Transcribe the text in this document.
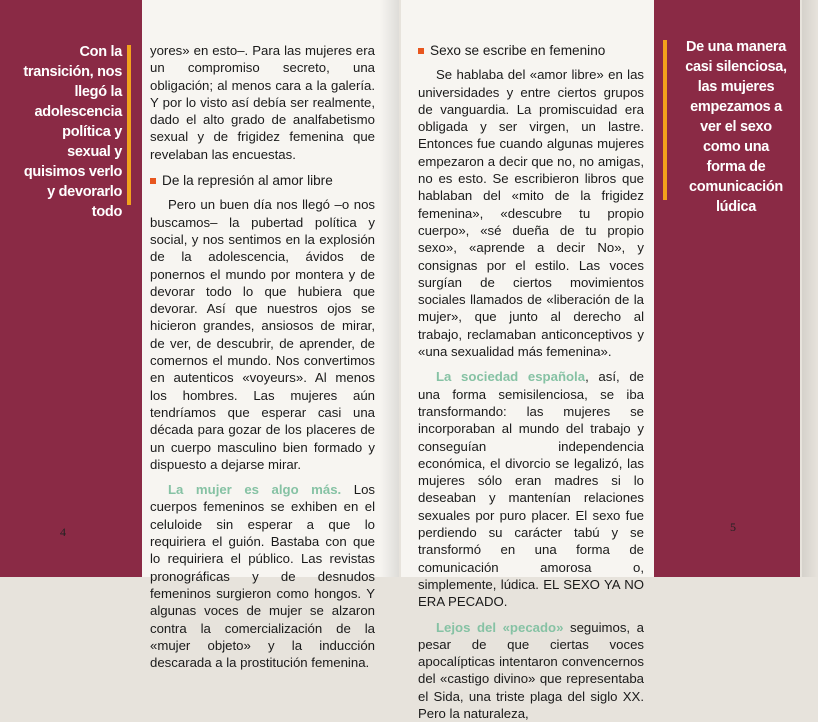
Con la
transición, nos
llegó la
adolescencia
política y
sexual y
quisimos verlo
y devorarlo
todo

yores» en esto–. Para las mujeres era un compromiso secreto, una obligación; al menos cara a la galería. Y por lo visto así debía ser realmente, dado el alto grado de analfabetismo sexual y de frigidez femenina que revelaban las encuestas.

De la represión al amor libre

Pero un buen día nos llegó –o nos buscamos– la pubertad política y social, y nos sentimos en la explosión de la adolescencia, ávidos de ponernos el mundo por montera y de devorar todo lo que hubiera que devorar. Así que nuestros ojos se hicieron grandes, ansiosos de mirar, de ver, de descubrir, de aprender, de comernos el mundo. Nos convertimos en autenticos «voyeurs». Al menos los hombres. Las mujeres aún tendríamos que esperar casi una década para gozar de los placeres de un cuerpo masculino bien formado y dispuesto a dejarse mirar.

La mujer es algo más. Los cuerpos femeninos se exhiben en el celuloide sin esperar a que lo requiriera el guión. Bastaba con que lo requiriera el público. Las revistas pronográficas y de desnudos femeninos surgieron como hongos. Y algunas voces de mujer se alzaron contra la comercialización de la «mujer objeto» y la inducción descarada a la prostitución femenina.

4
Sexo se escribe en femenino

Se hablaba del «amor libre» en las universidades y entre ciertos grupos de vanguardia. La promiscuidad era obligada y ser virgen, un lastre. Entonces fue cuando algunas mujeres empezaron a decir que no, no amigas, no es esto. Se escribieron libros que hablaban del «mito de la frigidez femenina», «descubre tu propio cuerpo», «sé dueña de tu propio sexo», «aprende a decir No», y consignas por el estilo. Las voces surgían de ciertos movimientos sociales llamados de «liberación de la mujer», que junto al derecho al trabajo, reclamaban anticonceptivos y «una sexualidad más femenina».

La sociedad española, así, de una forma semisilenciosa, se iba transformando: las mujeres se incorporaban al mundo del trabajo y conseguían independencia económica, el divorcio se legalizó, las mujeres sólo eran madres si lo deseaban y mantenían relaciones sexuales por puro placer. El sexo fue perdiendo su carácter tabú y se transformó en una forma de comunicación amorosa o, simplemente, lúdica. EL SEXO YA NO ERA PECADO.

Lejos del «pecado» seguimos, a pesar de que ciertas voces apocalípticas intentaron convencernos del «castigo divino» que representaba el Sida, una triste plaga del siglo XX. Pero la naturaleza,

De una manera
casi silenciosa,
las mujeres
empezamos a
ver el sexo
como una
forma de
comunicación
lúdica
5
